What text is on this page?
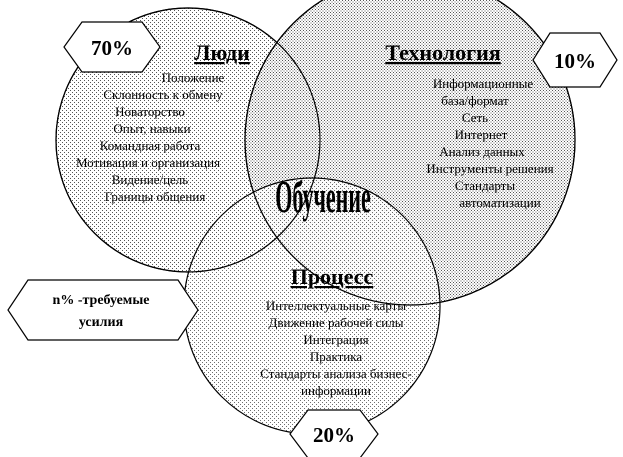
70%
10%
20%
n% -требуемые
усилия
Люди
Положение
Склонность к обмену
Новаторство
Опыт, навыки
Командная работа
Мотивация и организация
Видение/цель
Границы общения
Технология
Информационные
база/формат
Сеть
Интернет
Анализ данных
Инструменты решения
Стандарты
автоматизации
Процесс
Интеллектуальные карты
Движение рабочей силы
Интеграция
Практика
Стандарты анализа бизнес-
информации
Обучение
